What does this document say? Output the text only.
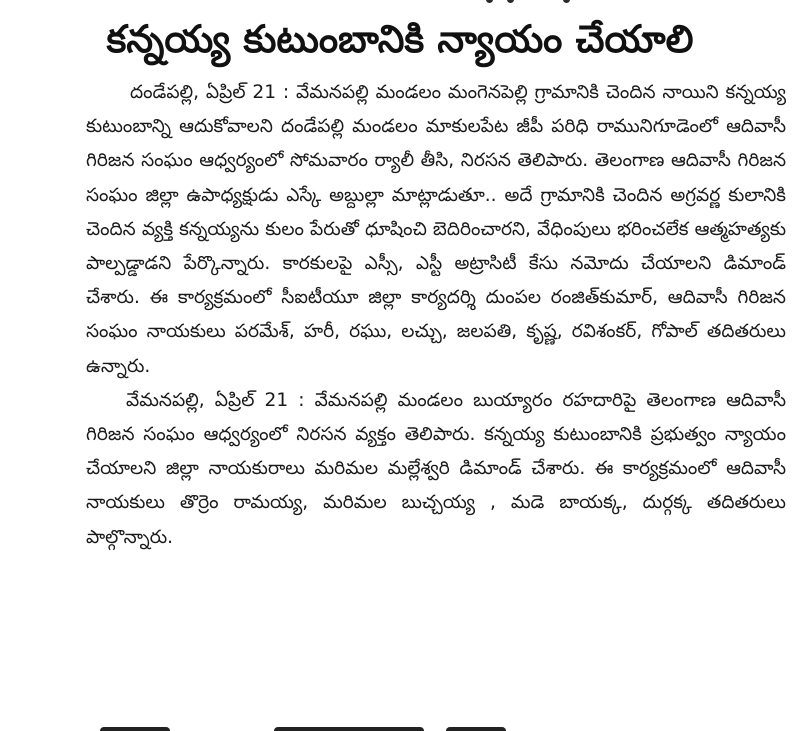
కన్నయ్య కుటుంబానికి న్యాయం చేయాలి

దండేపల్లి, ఏప్రిల్ 21 : వేమనపల్లి మండలం మంగెనపెల్లి గ్రామానికి చెందిన నాయిని కన్నయ్య కుటుంబాన్ని ఆదుకోవాలని దండేపల్లి మండలం మాకులపేట జీపీ పరిధి రామునిగూడెంలో ఆదివాసీ గిరిజన సంఘం ఆధ్వర్యంలో సోమవారం ర్యాలీ తీసి, నిరసన తెలిపారు. తెలంగాణ ఆదివాసీ గిరిజన సంఘం జిల్లా ఉపాధ్యక్షుడు ఎస్కే అబ్దుల్లా మాట్లాడుతూ.. అదే గ్రామానికి చెందిన అగ్రవర్ణ కులానికి చెందిన వ్యక్తి కన్నయ్యను కులం పేరుతో ధూషించి బెదిరించారని, వేధింపులు భరించలేక ఆత్మహత్యకు పాల్పడ్డాడని పేర్కొన్నారు. కారకులపై ఎస్సీ, ఎస్టీ అట్రాసిటీ కేసు నమోదు చేయాలని డిమాండ్ చేశారు. ఈ కార్యక్రమంలో సీఐటీయూ జిల్లా కార్యదర్శి దుంపల రంజిత్‌కుమార్, ఆదివాసీ గిరిజన సంఘం నాయకులు పరమేశ్, హరీ, రఘు, లచ్చు, జలపతి, కృష్ణ, రవిశంకర్, గోపాల్ తదితరులు ఉన్నారు.

వేమనపల్లి, ఏప్రిల్ 21 : వేమనపల్లి మండలం బుయ్యారం రహదారిపై తెలంగాణ ఆదివాసీ గిరిజన సంఘం ఆధ్వర్యంలో నిరసన వ్యక్తం తెలిపారు. కన్నయ్య కుటుంబానికి ప్రభుత్వం న్యాయం చేయాలని జిల్లా నాయకురాలు మరిమల మల్లేశ్వరి డిమాండ్ చేశారు. ఈ కార్యక్రమంలో ఆదివాసీ నాయకులు తొర్రెం రామయ్య, మరిమల బుచ్చయ్య , మడె బాయక్క, దుర్గక్క తదితరులు పాల్గొన్నారు.
